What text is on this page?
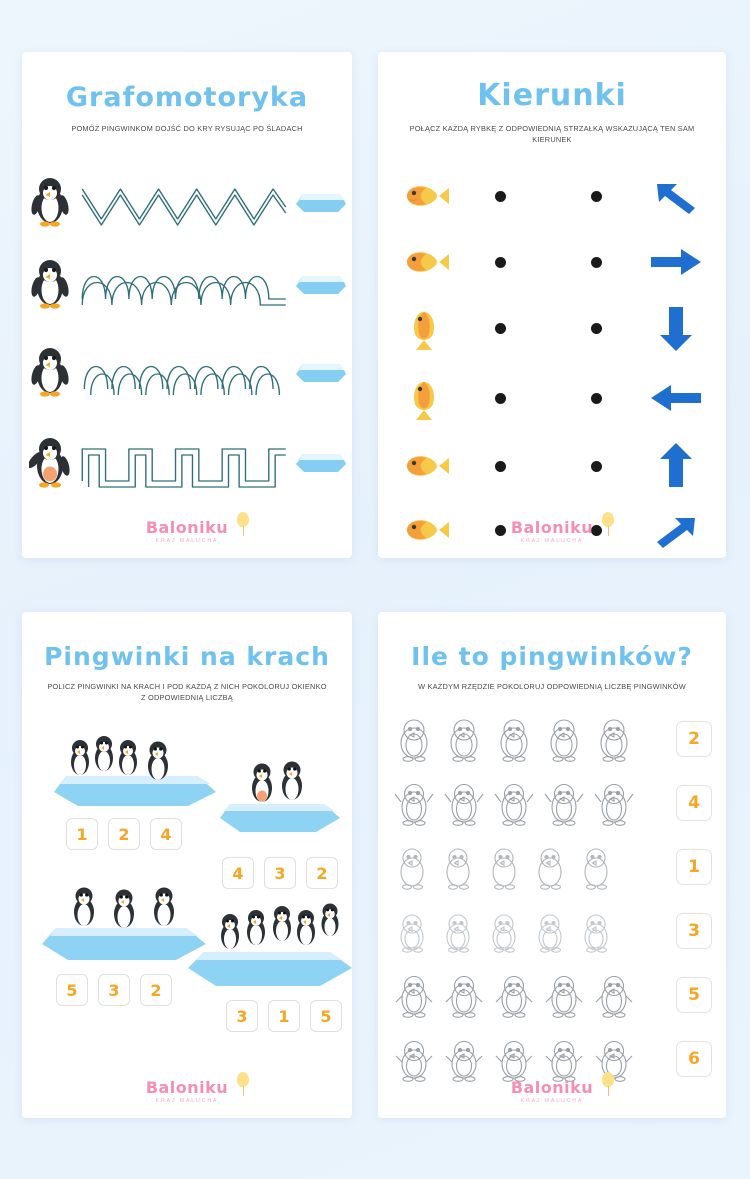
Grafomotoryka
POMÓŻ PINGWINKOM DOJŚĆ DO KRY RYSUJĄC PO ŚLADACH
Baloniku
KRAJ MALUCHA
Kierunki
POŁĄCZ KAŻDĄ RYBKĘ Z ODPOWIEDNIĄ STRZAŁKĄ WSKAZUJĄCĄ TEN SAM KIERUNEK
Baloniku
KRAJ MALUCHA
Pingwinki na krach
POLICZ PINGWINKI NA KRACH I POD KAŻDĄ Z NICH POKOLORUJ OKIENKO Z ODPOWIEDNIĄ LICZBĄ
1	2	4
4	3	2
5	3	2
3	1	5
Baloniku
KRAJ MALUCHA
Ile to pingwinków?
W KAŻDYM RZĘDZIE POKOLORUJ ODPOWIEDNIĄ LICZBĘ PINGWINKÓW
2
4
1
3
5
6
Baloniku
KRAJ MALUCHA
